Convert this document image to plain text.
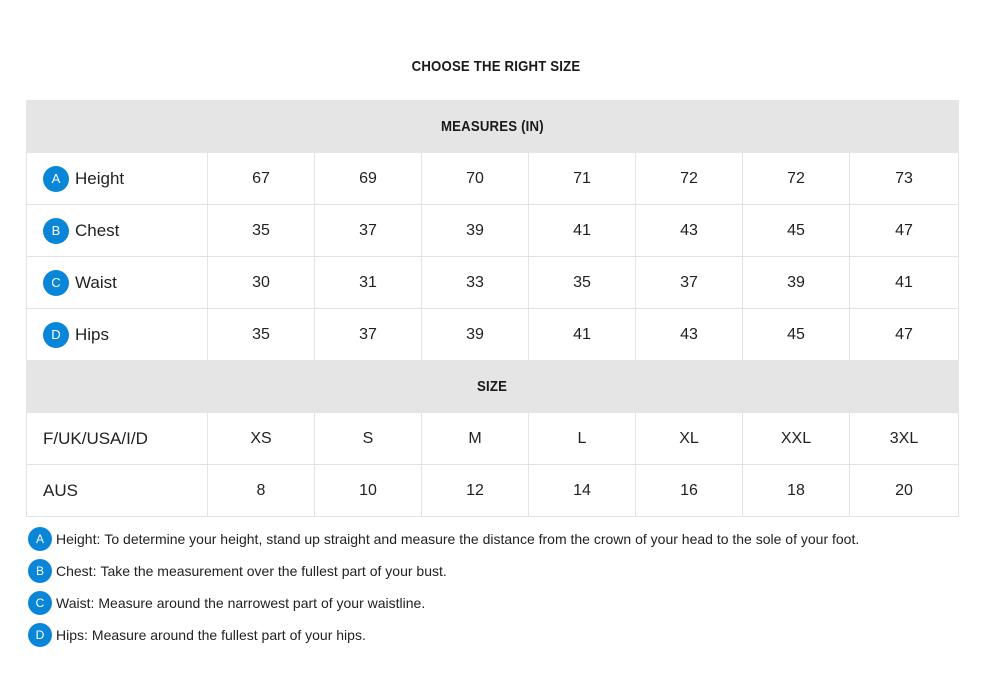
CHOOSE THE RIGHT SIZE
MEASURES (IN)							
A Height	67	69	70	71	72	72	73
B Chest	35	37	39	41	43	45	47
C Waist	30	31	33	35	37	39	41
D Hips	35	37	39	41	43	45	47
SIZE							
F/UK/USA/I/D	XS	S	M	L	XL	XXL	3XL
AUS	8	10	12	14	16	18	20
A Height: To determine your height, stand up straight and measure the distance from the crown of your head to the sole of your foot.
B Chest: Take the measurement over the fullest part of your bust.
C Waist: Measure around the narrowest part of your waistline.
D Hips: Measure around the fullest part of your hips.
